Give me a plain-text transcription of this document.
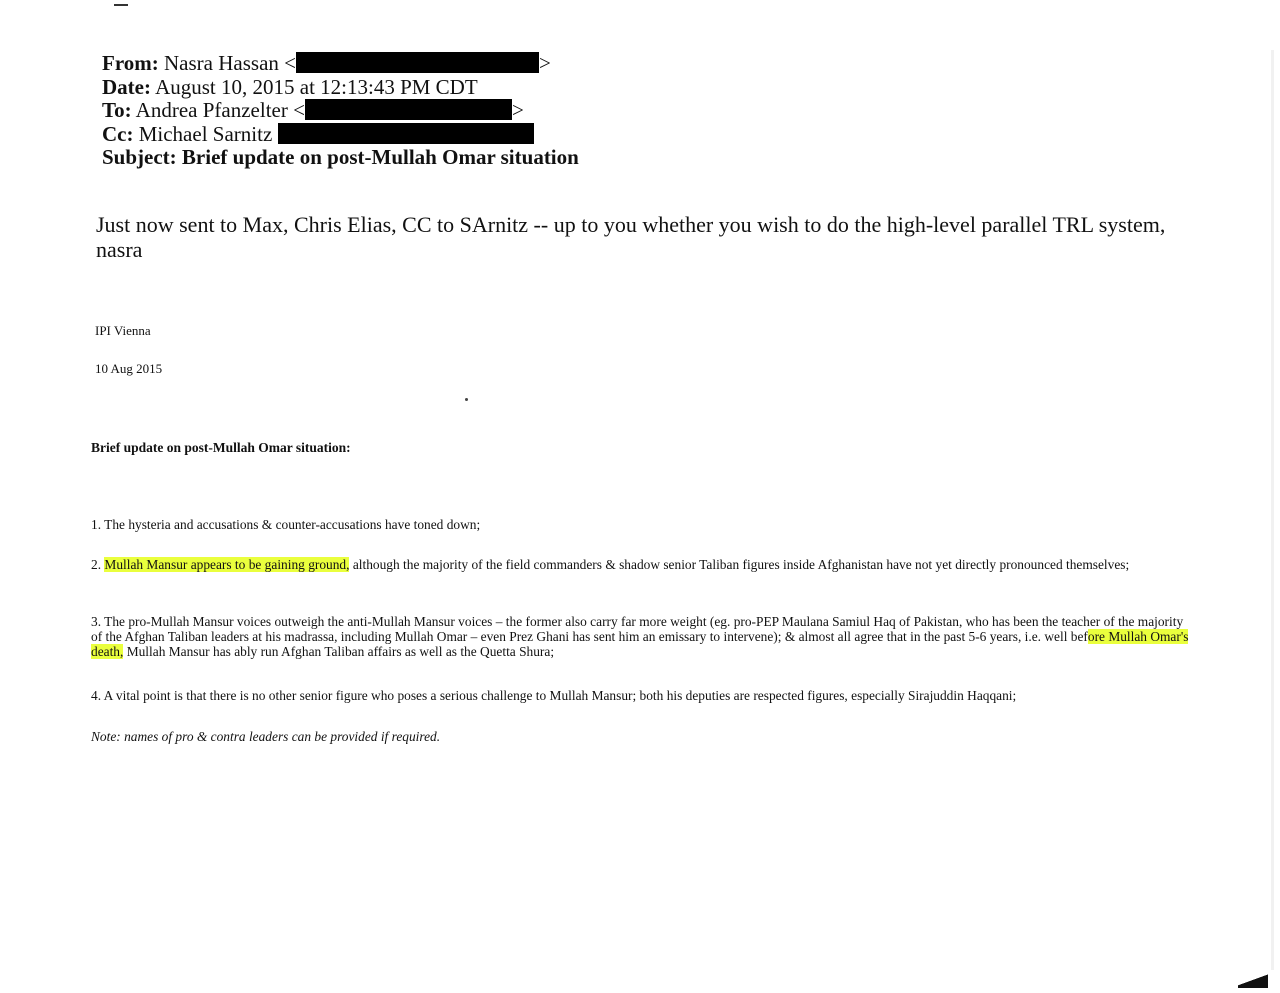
From: Nasra Hassan <	>
Date: August 10, 2015 at 12:13:43 PM CDT
To: Andrea Pfanzelter <	>
Cc: Michael Sarnitz
Subject: Brief update on post-Mullah Omar situation
Just now sent to Max, Chris Elias, CC to SArnitz -- up to you whether you wish to do the high-level parallel TRL system, nasra
IPI Vienna
10 Aug 2015
Brief update on post-Mullah Omar situation:
1. The hysteria and accusations & counter-accusations have toned down;
2. Mullah Mansur appears to be gaining ground, although the majority of the field commanders & shadow senior Taliban figures inside Afghanistan have not yet directly pronounced themselves;
3. The pro-Mullah Mansur voices outweigh the anti-Mullah Mansur voices – the former also carry far more weight (eg. pro-PEP Maulana Samiul Haq of Pakistan, who has been the teacher of the majority of the Afghan Taliban leaders at his madrassa, including Mullah Omar – even Prez Ghani has sent him an emissary to intervene); & almost all agree that in the past 5-6 years, i.e. well before Mullah Omar's death, Mullah Mansur has ably run Afghan Taliban affairs as well as the Quetta Shura;
4. A vital point is that there is no other senior figure who poses a serious challenge to Mullah Mansur; both his deputies are respected figures, especially Sirajuddin Haqqani;
Note: names of pro & contra leaders can be provided if required.
